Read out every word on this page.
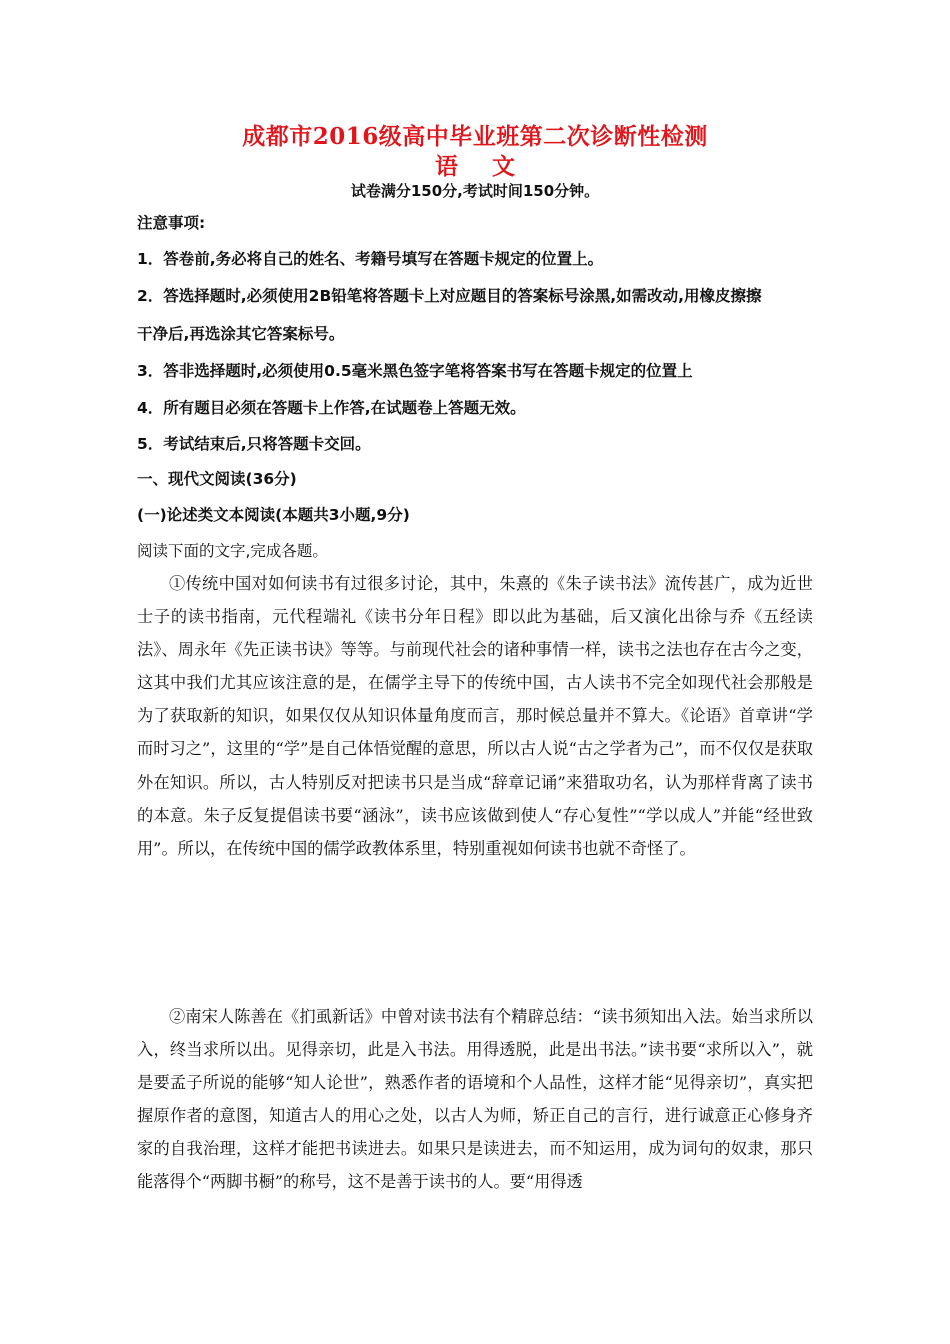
成都市2016级高中毕业班第二次诊断性检测
语 文
试卷满分150分,考试时间150分钟。
注意事项:
1．答卷前,务必将自己的姓名、考籍号填写在答题卡规定的位置上。
2．答选择题时,必须使用2B铅笔将答题卡上对应题目的答案标号涂黑,如需改动,用橡皮擦擦
干净后,再选涂其它答案标号。
3．答非选择题时,必须使用0.5毫米黑色签字笔将答案书写在答题卡规定的位置上
4．所有题目必须在答题卡上作答,在试题卷上答题无效。
5．考试结束后,只将答题卡交回。
一、现代文阅读(36分)
(一)论述类文本阅读(本题共3小题,9分)
阅读下面的文字,完成各题。
①传统中国对如何读书有过很多讨论，其中，朱熹的《朱子读书法》流传甚广，成为近世士子的读书指南，元代程端礼《读书分年日程》即以此为基础，后又演化出徐与乔《五经读法》、周永年《先正读书诀》等等。与前现代社会的诸种事情一样，读书之法也存在古今之变，这其中我们尤其应该注意的是，在儒学主导下的传统中国，古人读书不完全如现代社会那般是为了获取新的知识，如果仅仅从知识体量角度而言，那时候总量并不算大。《论语》首章讲“学而时习之”，这里的“学”是自己体悟觉醒的意思，所以古人说“古之学者为己”，而不仅仅是获取外在知识。所以，古人特别反对把读书只是当成“辞章记诵”来猎取功名，认为那样背离了读书的本意。朱子反复提倡读书要“涵泳”，读书应该做到使人“存心复性”“学以成人”并能“经世致用”。所以，在传统中国的儒学政教体系里，特别重视如何读书也就不奇怪了。
②南宋人陈善在《扪虱新话》中曾对读书法有个精辟总结：“读书须知出入法。始当求所以入，终当求所以出。见得亲切，此是入书法。用得透脱，此是出书法。”读书要“求所以入”，就是要孟子所说的能够“知人论世”，熟悉作者的语境和个人品性，这样才能“见得亲切”，真实把握原作者的意图，知道古人的用心之处，以古人为师，矫正自己的言行，进行诚意正心修身齐家的自我治理，这样才能把书读进去。如果只是读进去，而不知运用，成为词句的奴隶，那只能落得个“两脚书橱”的称号，这不是善于读书的人。要“用得透
